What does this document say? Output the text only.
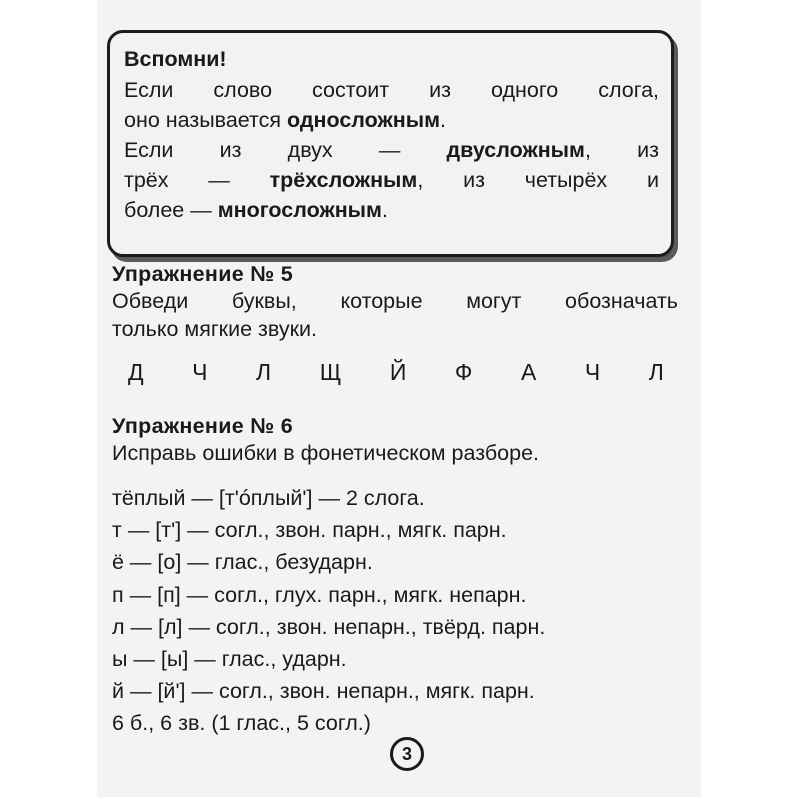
Вспомни!
Если слово состоит из одного слога,
оно называется односложным.
Если из двух — двусложным, из
трёх — трёхсложным, из четырёх и
более — многосложным.
Упражнение № 5
Обведи буквы, которые могут обозначать
только мягкие звуки.
Д Ч Л Щ Й Ф А Ч Л
Упражнение № 6
Исправь ошибки в фонетическом разборе.
тёплый — [т'óплый'] — 2 слога.
т — [т'] — согл., звон. парн., мягк. парн.
ё — [о] — глас., безударн.
п — [п] — согл., глух. парн., мягк. непарн.
л — [л] — согл., звон. непарн., твёрд. парн.
ы — [ы] — глас., ударн.
й — [й'] — согл., звон. непарн., мягк. парн.
6 б., 6 зв. (1 глас., 5 согл.)
3
